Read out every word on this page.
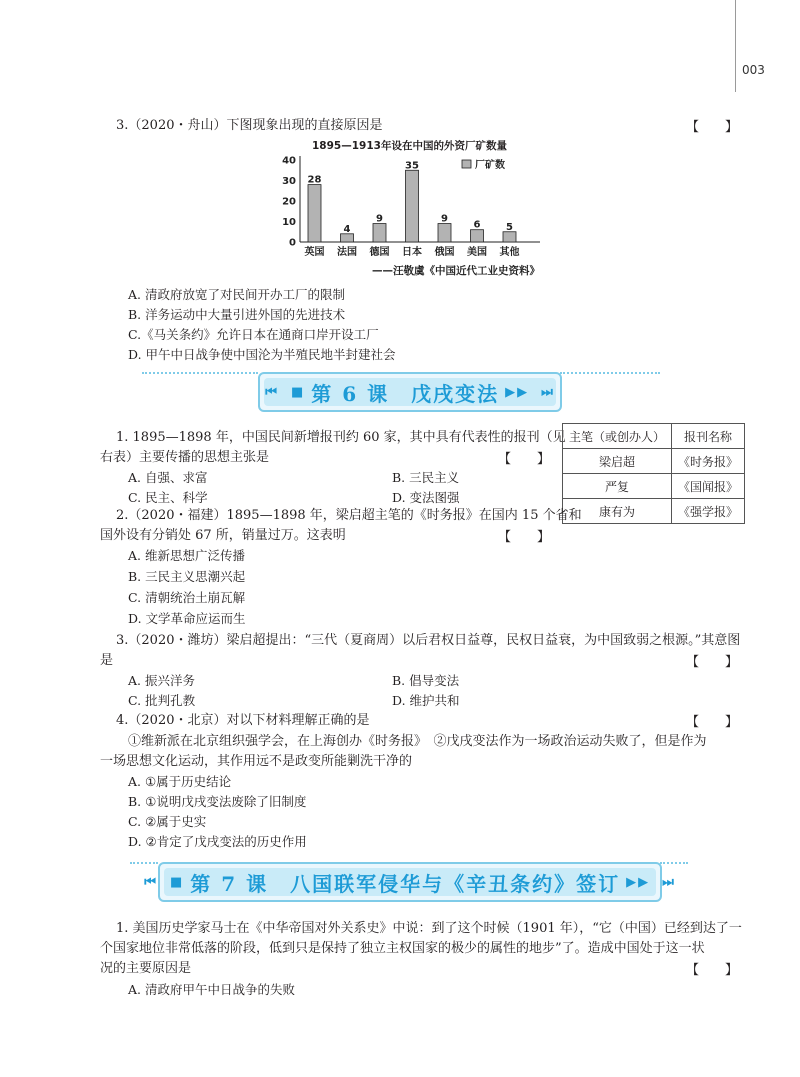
003
3.（2020・舟山）下图现象出现的直接原因是	【　　】
1895—1913年设在中国的外资厂矿数量
40
30
20
10
0
28
英国
4
法国
9
德国
35
日本
9
俄国
6
美国
5
其他
厂矿数
——汪敬虞《中国近代工业史资料》
A. 清政府放宽了对民间开办工厂的限制
B. 洋务运动中大量引进外国的先进技术
C.《马关条约》允许日本在通商口岸开设工厂
D. 甲午中日战争使中国沦为半殖民地半封建社会
⏮ ■ 第 6 课　戊戌变法 ▶▶ ⏭
1. 1895—1898 年，中国民间新增报刊约 60 家，其中具有代表性的报刊（见
右表）主要传播的思想主张是	【　　】
A. 自强、求富	B. 三民主义
C. 民主、科学	D. 变法图强
主笔（或创办人）	报刊名称
梁启超	《时务报》
严复	《国闻报》
康有为	《强学报》
2.（2020・福建）1895—1898 年，梁启超主笔的《时务报》在国内 15 个省和
国外设有分销处 67 所，销量过万。这表明	【　　】
A. 维新思想广泛传播
B. 三民主义思潮兴起
C. 清朝统治土崩瓦解
D. 文学革命应运而生
3.（2020・潍坊）梁启超提出：“三代（夏商周）以后君权日益尊，民权日益衰，为中国致弱之根源。”其意图
是	【　　】
A. 振兴洋务	B. 倡导变法
C. 批判孔教	D. 维护共和
4.（2020・北京）对以下材料理解正确的是	【　　】
①维新派在北京组织强学会，在上海创办《时务报》　②戊戌变法作为一场政治运动失败了，但是作为
一场思想文化运动，其作用远不是政变所能剿洗干净的
A. ①属于历史结论
B. ①说明戊戌变法废除了旧制度
C. ②属于史实
D. ②肯定了戊戌变法的历史作用
⏮ ■ 第 7 课　八国联军侵华与《辛丑条约》签订 ▶▶ ⏭
1. 美国历史学家马士在《中华帝国对外关系史》中说：到了这个时候（1901 年），“它（中国）已经到达了一
个国家地位非常低落的阶段，低到只是保持了独立主权国家的极少的属性的地步”了。造成中国处于这一状
况的主要原因是	【　　】
A. 清政府甲午中日战争的失败
